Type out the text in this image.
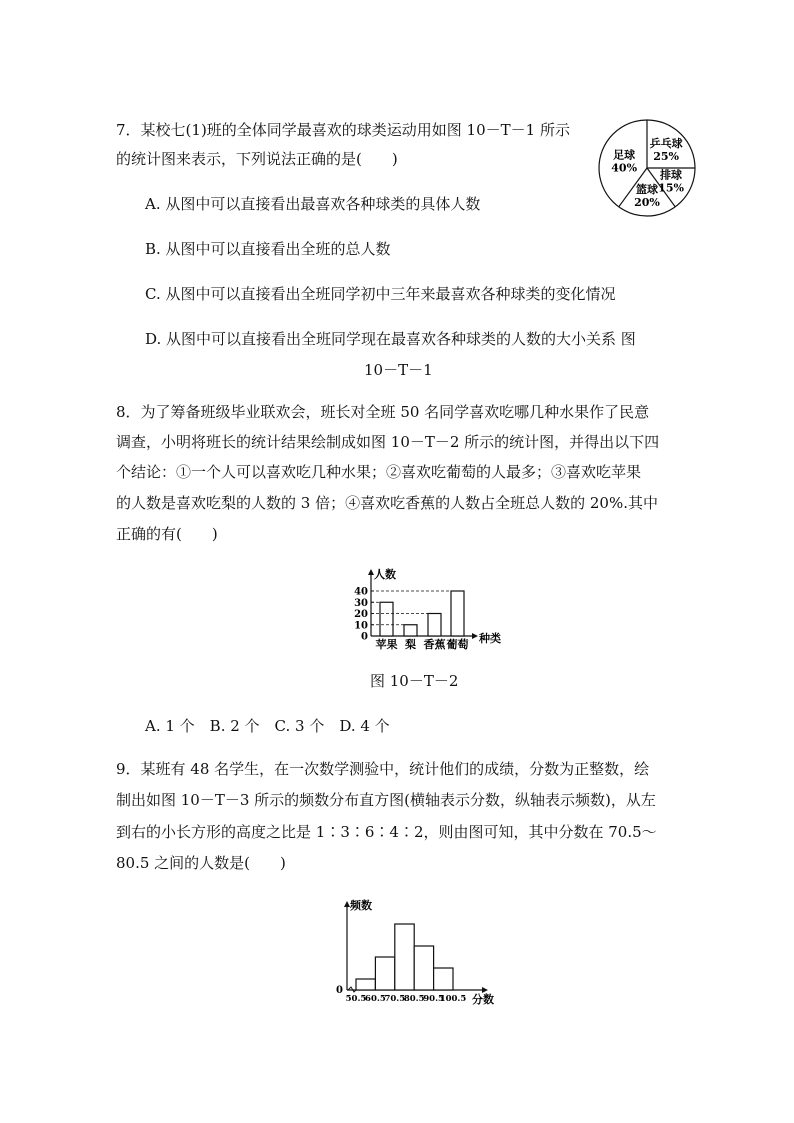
7．某校七(1)班的全体同学最喜欢的球类运动用如图 10－T－1 所示
的统计图来表示，下列说法正确的是(　　)
A. 从图中可以直接看出最喜欢各种球类的具体人数
B. 从图中可以直接看出全班的总人数
C. 从图中可以直接看出全班同学初中三年来最喜欢各种球类的变化情况
D. 从图中可以直接看出全班同学现在最喜欢各种球类的人数的大小关系 图
10－T－1
乒乓球
25%
排球
15%
篮球
20%
足球
40%
8．为了筹备班级毕业联欢会，班长对全班 50 名同学喜欢吃哪几种水果作了民意
调查，小明将班长的统计结果绘制成如图 10－T－2 所示的统计图，并得出以下四
个结论：①一个人可以喜欢吃几种水果；②喜欢吃葡萄的人最多；③喜欢吃苹果
的人数是喜欢吃梨的人数的 3 倍；④喜欢吃香蕉的人数占全班总人数的 20%.其中
正确的有(　　)
人数
种类
0
10
20
30
40
苹果 梨 香蕉 葡萄
图 10－T－2
A. 1 个　B. 2 个　C. 3 个　D. 4 个
9．某班有 48 名学生，在一次数学测验中，统计他们的成绩，分数为正整数，绘
制出如图 10－T－3 所示的频数分布直方图(横轴表示分数，纵轴表示频数)，从左
到右的小长方形的高度之比是 1∶3∶6∶4∶2，则由图可知，其中分数在 70.5～
80.5 之间的人数是(　　)
0
频数
分数
50.5
60.5
70.5
80.5
90.5
100.5
